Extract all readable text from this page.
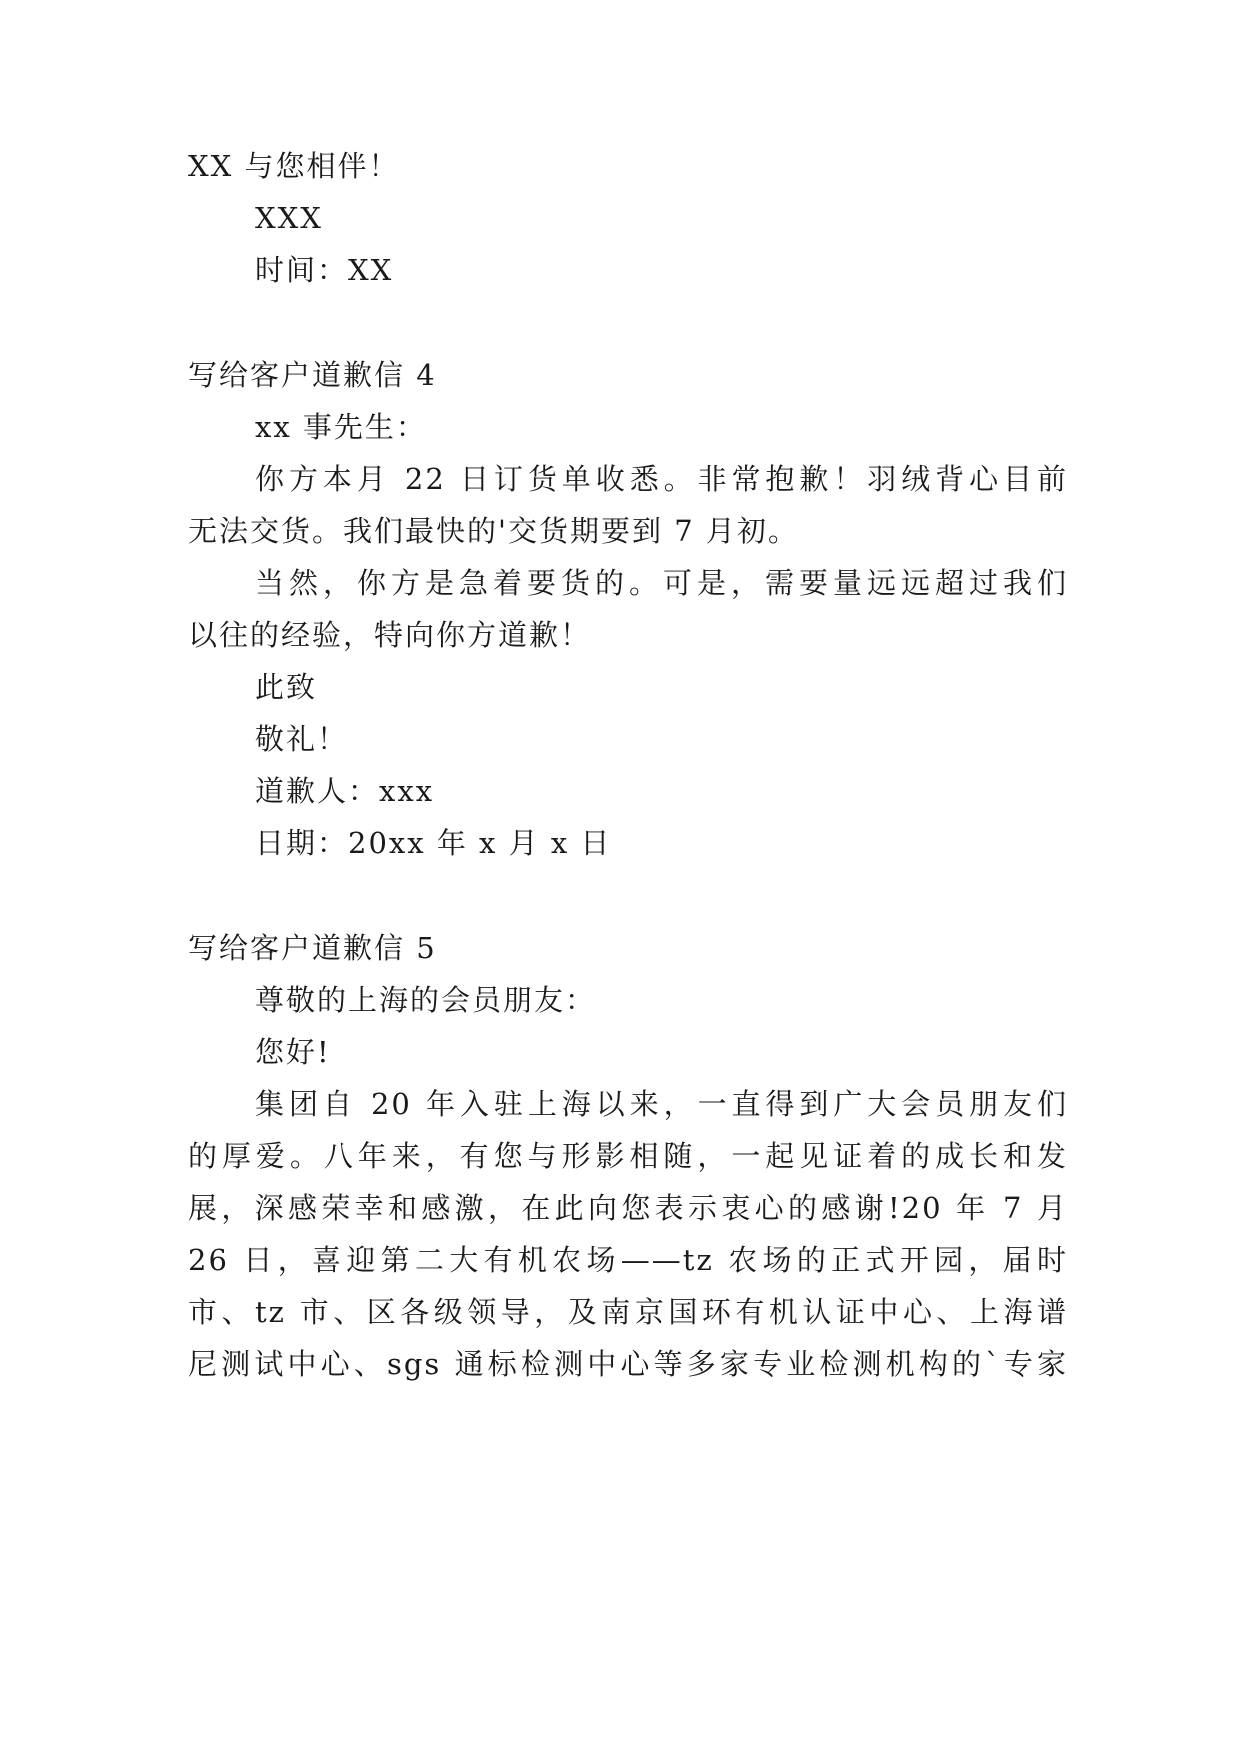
XX 与您相伴！
XXX
时间：XX
写给客户道歉信 4
xx 事先生：
你方本月 22 日订货单收悉。非常抱歉！羽绒背心目前
无法交货。我们最快的'交货期要到 7 月初。
当然，你方是急着要货的。可是，需要量远远超过我们
以往的经验，特向你方道歉！
此致
敬礼！
道歉人：xxx
日期：20xx 年 x 月 x 日
写给客户道歉信 5
尊敬的上海的会员朋友：
您好!
集团自 20 年入驻上海以来，一直得到广大会员朋友们
的厚爱。八年来，有您与形影相随，一起见证着的成长和发
展，深感荣幸和感激，在此向您表示衷心的感谢!20 年 7 月
26 日，喜迎第二大有机农场——tz 农场的正式开园，届时
市、tz 市、区各级领导，及南京国环有机认证中心、上海谱
尼测试中心、sgs 通标检测中心等多家专业检测机构的`专家
